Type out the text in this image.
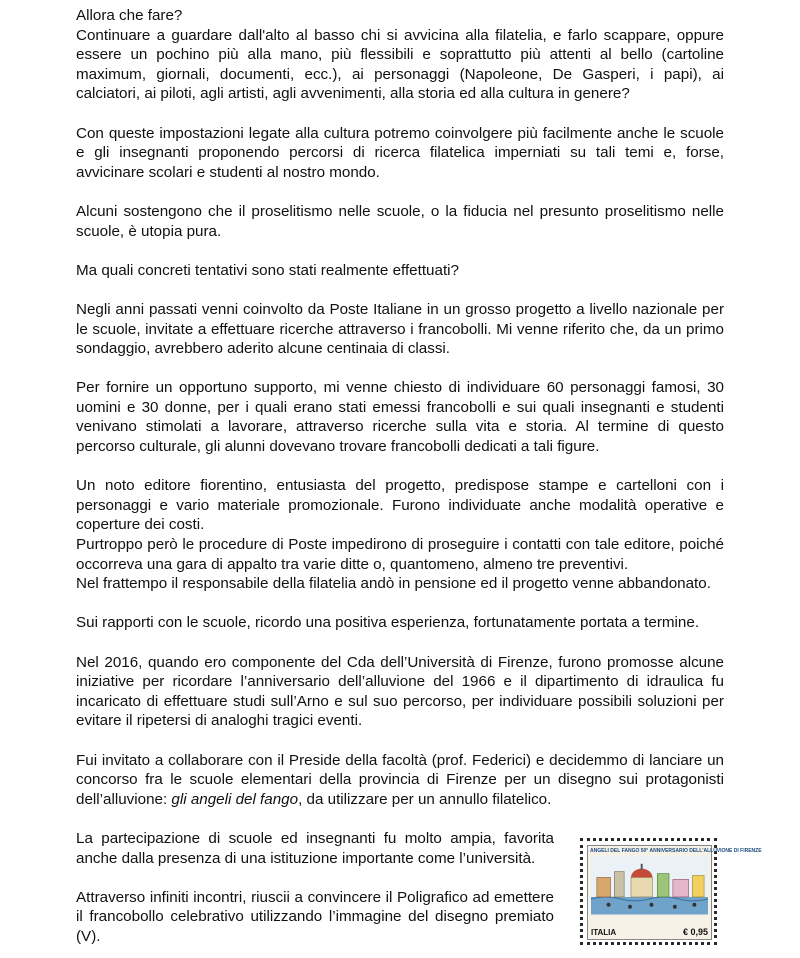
Allora che fare?
Continuare a guardare dall'alto al basso chi si avvicina alla filatelia, e farlo scappare, oppure essere un pochino più alla mano, più flessibili e soprattutto più attenti al bello (cartoline maximum, giornali, documenti, ecc.), ai personaggi (Napoleone, De Gasperi, i papi), ai calciatori, ai piloti, agli artisti, agli avvenimenti, alla storia ed alla cultura in genere?

Con queste impostazioni legate alla cultura potremo coinvolgere più facilmente anche le scuole e gli insegnanti proponendo percorsi di ricerca filatelica imperniati su tali temi e, forse, avvicinare scolari e studenti al nostro mondo.

Alcuni sostengono che il proselitismo nelle scuole, o la fiducia nel presunto proselitismo nelle scuole, è utopia pura.

Ma quali concreti tentativi sono stati realmente effettuati?

Negli anni passati venni coinvolto da Poste Italiane in un grosso progetto a livello nazionale per le scuole, invitate a effettuare ricerche attraverso i francobolli. Mi venne riferito che, da un primo sondaggio, avrebbero aderito alcune centinaia di classi.

Per fornire un opportuno supporto, mi venne chiesto di individuare 60 personaggi famosi, 30 uomini e 30 donne, per i quali erano stati emessi francobolli e sui quali insegnanti e studenti venivano stimolati a lavorare, attraverso ricerche sulla vita e storia. Al termine di questo percorso culturale, gli alunni dovevano trovare francobolli dedicati a tali figure.

Un noto editore fiorentino, entusiasta del progetto, predispose stampe e cartelloni con i personaggi e vario materiale promozionale. Furono individuate anche modalità operative e coperture dei costi.
Purtroppo però le procedure di Poste impedirono di proseguire i contatti con tale editore, poiché occorreva una gara di appalto tra varie ditte o, quantomeno, almeno tre preventivi.
Nel frattempo il responsabile della filatelia andò in pensione ed il progetto venne abbandonato.

Sui rapporti con le scuole, ricordo una positiva esperienza, fortunatamente portata a termine.

Nel 2016, quando ero componente del Cda dell’Università di Firenze, furono promosse alcune iniziative per ricordare l’anniversario dell’alluvione del 1966 e il dipartimento di idraulica fu incaricato di effettuare studi sull’Arno e sul suo percorso, per individuare possibili soluzioni per evitare il ripetersi di analoghi tragici eventi.

Fui invitato a collaborare con il Preside della facoltà (prof. Federici) e decidemmo di lanciare un concorso fra le scuole elementari della provincia di Firenze per un disegno sui protagonisti dell’alluvione: gli angeli del fango, da utilizzare per un annullo filatelico.

La partecipazione di scuole ed insegnanti fu molto ampia, favorita anche dalla presenza di una istituzione importante come l’università.

Attraverso infiniti incontri, riuscii a convincere il Poligrafico ad emettere il francobollo celebrativo utilizzando l’immagine del disegno premiato (V).

ANGELI DEL FANGO 50° ANNIVERSARIO DELL'ALLUVIONE DI FIRENZE
ITALIA	€ 0,95
